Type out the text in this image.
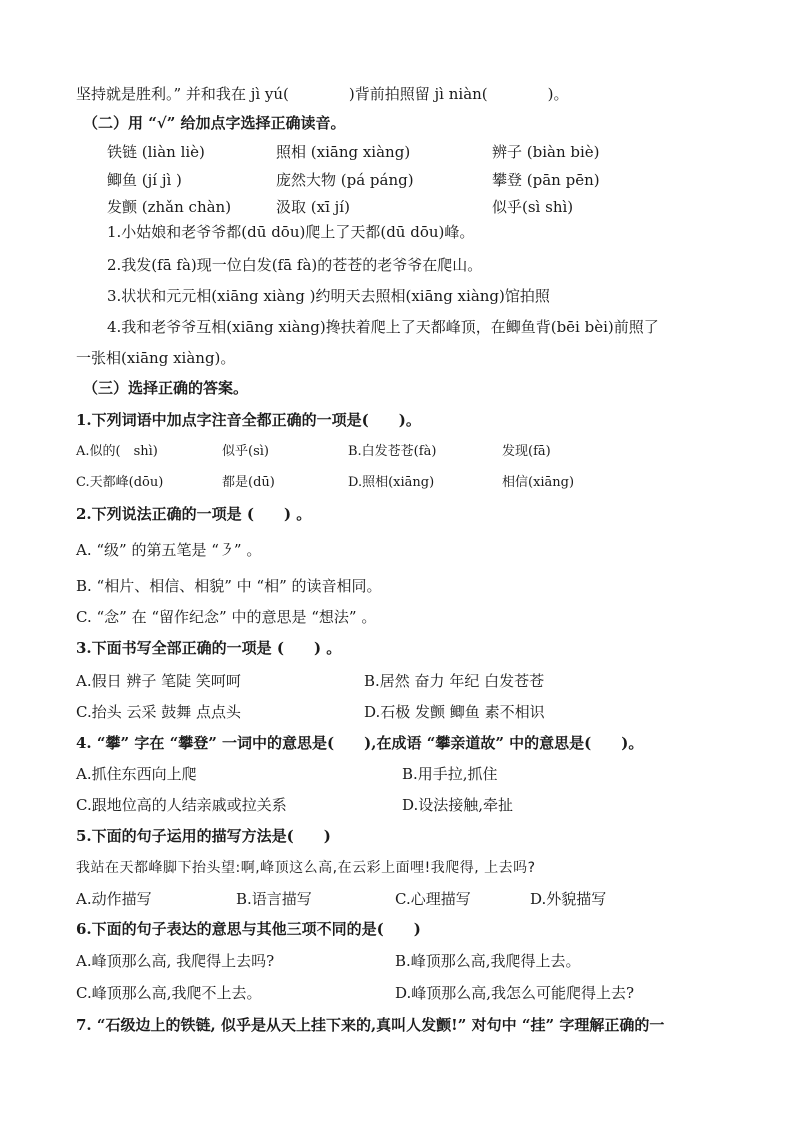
坚持就是胜利。” 并和我在 jì yú(　　　　)背前拍照留 jì niàn(　　　　)。
（二）用 “√” 给加点字选择正确读音。
铁链 (liàn liè)	照相 (xiāng xiàng)	辨子 (biàn biè)
鲫鱼 (jí jì )	庞然大物 (pá páng)	攀登 (pān pēn)
发颤 (zhǎn chàn)	汲取 (xī jí)	似乎(sì shì)
1.小姑娘和老爷爷都(dū dōu)爬上了天都(dū dōu)峰。
2.我发(fā fà)现一位白发(fā fà)的苍苍的老爷爷在爬山。
3.状状和元元相(xiāng xiàng )约明天去照相(xiāng xiàng)馆拍照
4.我和老爷爷互相(xiāng xiàng)搀扶着爬上了天都峰顶，在鲫鱼背(bēi bèi)前照了
一张相(xiāng xiàng)。
（三）选择正确的答案。
1.下列词语中加点字注音全都正确的一项是(　　)。
A.似的(　shì)	似乎(sì)	B.白发苍苍(fà)	发现(fā)
C.天都峰(dōu)	都是(dū)	D.照相(xiāng)	相信(xiāng)
2.下列说法正确的一项是 (　　) 。
A. “级” 的第五笔是 “㇋” 。
B. “相片、相信、相貌” 中 “相” 的读音相同。
C. “念” 在 “留作纪念” 中的意思是 “想法” 。
3.下面书写全部正确的一项是 (　　) 。
A.假日 辨子 笔陡 笑呵呵	B.居然 奋力 年纪 白发苍苍
C.抬头 云采 鼓舞 点点头	D.石极 发颤 鲫鱼 素不相识
4. “攀” 字在 “攀登” 一词中的意思是(　　),在成语 “攀亲道故” 中的意思是(　　)。
A.抓住东西向上爬	B.用手拉,抓住
C.跟地位高的人结亲戚或拉关系	D.设法接触,牵扯
5.下面的句子运用的描写方法是(　　)
我站在天都峰脚下抬头望:啊,峰顶这么高,在云彩上面哩!我爬得, 上去吗?
A.动作描写	B.语言描写	C.心理描写	D.外貌描写
6.下面的句子表达的意思与其他三项不同的是(　　)
A.峰顶那么高, 我爬得上去吗?	B.峰顶那么高,我爬得上去。
C.峰顶那么高,我爬不上去。	D.峰顶那么高,我怎么可能爬得上去?
7. “石级边上的铁链, 似乎是从天上挂下来的,真叫人发颤!” 对句中 “挂” 字理解正确的一
